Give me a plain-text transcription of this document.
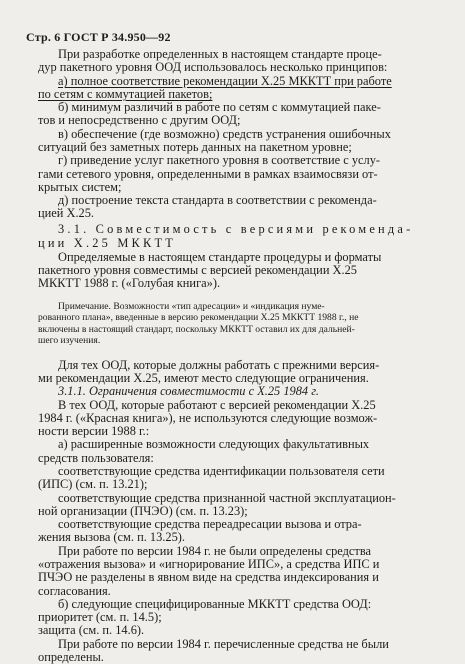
Стр. 6 ГОСТ Р 34.950—92
При разработке определенных в настоящем стандарте проце-
дур пакетного уровня ООД использовалось несколько принципов:
а) полное соответствие рекомендации Х.25 МККТТ при работе
по сетям с коммутацией пакетов;
б) минимум различий в работе по сетям с коммутацией паке-
тов и непосредственно с другим ООД;
в) обеспечение (где возможно) средств устранения ошибочных
ситуаций без заметных потерь данных на пакетном уровне;
г) приведение услуг пакетного уровня в соответствие с услу-
гами сетевого уровня, определенными в рамках взаимосвязи от-
крытых систем;
д) построение текста стандарта в соответствии с рекоменда-
цией Х.25.
3.1. Совместимость с версиями рекоменда-
ции Х.25 МККТТ
Определяемые в настоящем стандарте процедуры и форматы
пакетного уровня совместимы с версией рекомендации Х.25
МККТТ 1988 г. («Голубая книга»).
Примечание. Возможности «тип адресации» и «индикация нуме-
рованного плана», введенные в версию рекомендации Х.25 МККТТ 1988 г., не
включены в настоящий стандарт, поскольку МККТТ оставил их для дальней-
шего изучения.
Для тех ООД, которые должны работать с прежними версия-
ми рекомендации Х.25, имеют место следующие ограничения.
3.1.1. Ограничения совместимости с Х.25 1984 г.
В тех ООД, которые работают с версией рекомендации Х.25
1984 г. («Красная книга»), не используются следующие возмож-
ности версии 1988 г.:
а) расширенные возможности следующих факультативных
средств пользователя:
соответствующие средства идентификации пользователя сети
(ИПС) (см. п. 13.21);
соответствующие средства признанной частной эксплуатацион-
ной организации (ПЧЭО) (см. п. 13.23);
соответствующие средства переадресации вызова и отра-
жения вызова (см. п. 13.25).
При работе по версии 1984 г. не были определены средства
«отражения вызова» и «игнорирование ИПС», а средства ИПС и
ПЧЭО не разделены в явном виде на средства индексирования и
согласования.
б) следующие специфицированные МККТТ средства ООД:
приоритет (см. п. 14.5);
защита (см. п. 14.6).
При работе по версии 1984 г. перечисленные средства не были
определены.
